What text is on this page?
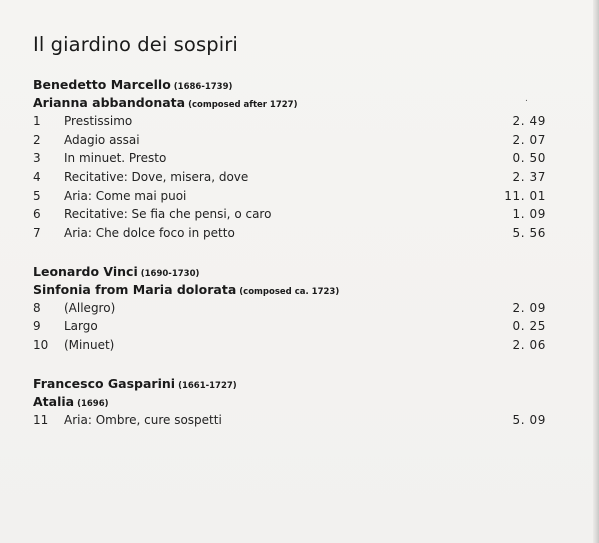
Il giardino dei sospiri
Benedetto Marcello (1686-1739)
Arianna abbandonata (composed after 1727)
.
1 Prestissimo	2. 49
2 Adagio assai	2. 07
3 In minuet. Presto	0. 50
4 Recitative: Dove, misera, dove	2. 37
5 Aria: Come mai puoi	11. 01
6 Recitative: Se fia che pensi, o caro	1. 09
7 Aria: Che dolce foco in petto	5. 56
Leonardo Vinci (1690-1730)
Sinfonia from Maria dolorata (composed ca. 1723)
8 (Allegro)	2. 09
9 Largo	0. 25
10 (Minuet)	2. 06
Francesco Gasparini (1661-1727)
Atalia (1696)
11 Aria: Ombre, cure sospetti	5. 09
